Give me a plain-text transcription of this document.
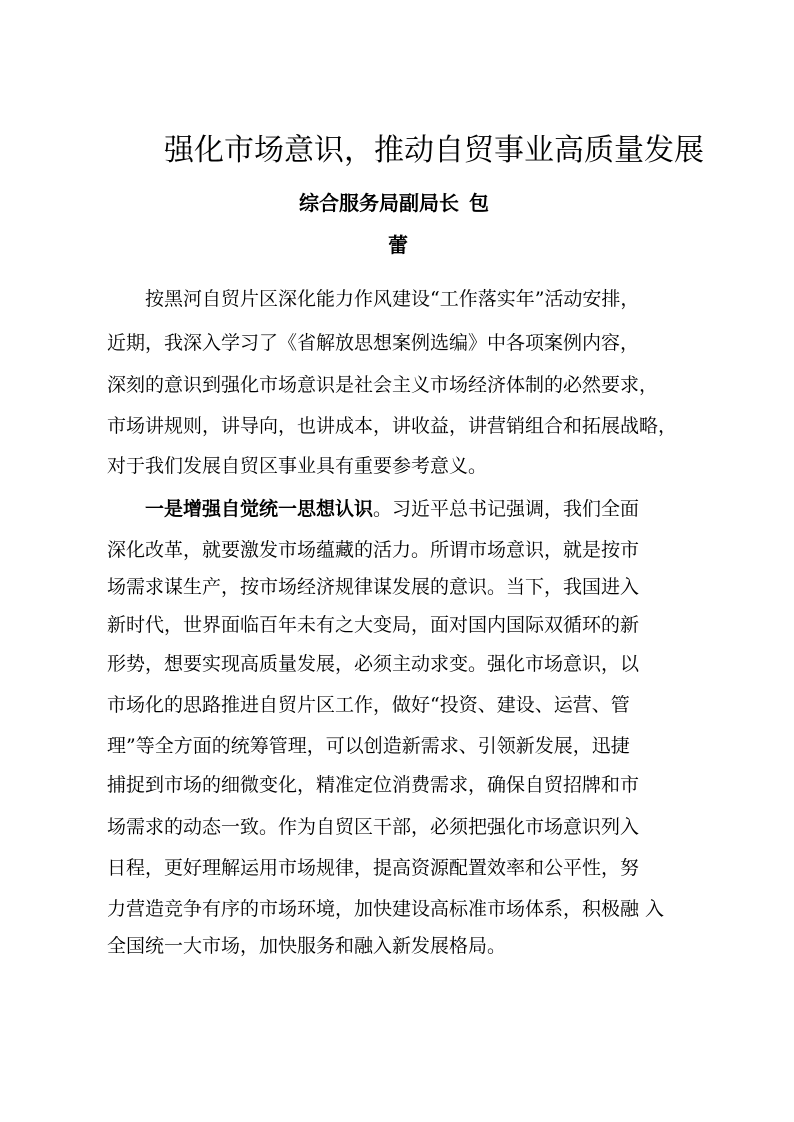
强化市场意识，推动自贸事业高质量发展
综合服务局副局长 包
蕾
按黑河自贸片区深化能力作风建设“工作落实年”活动安排，
近期，我深入学习了《省解放思想案例选编》中各项案例内容，
深刻的意识到强化市场意识是社会主义市场经济体制的必然要求，
市场讲规则，讲导向，也讲成本，讲收益，讲营销组合和拓展战略，
对于我们发展自贸区事业具有重要参考意义。
一是增强自觉统一思想认识。习近平总书记强调，我们全面
深化改革，就要激发市场蕴藏的活力。所谓市场意识，就是按市
场需求谋生产，按市场经济规律谋发展的意识。当下，我国进入
新时代，世界面临百年未有之大变局，面对国内国际双循环的新
形势，想要实现高质量发展，必须主动求变。强化市场意识，以
市场化的思路推进自贸片区工作，做好“投资、建设、运营、管
理”等全方面的统筹管理，可以创造新需求、引领新发展，迅捷
捕捉到市场的细微变化，精准定位消费需求，确保自贸招牌和市
场需求的动态一致。作为自贸区干部，必须把强化市场意识列入
日程，更好理解运用市场规律，提高资源配置效率和公平性，努
力营造竞争有序的市场环境，加快建设高标准市场体系，积极融 入
全国统一大市场，加快服务和融入新发展格局。
